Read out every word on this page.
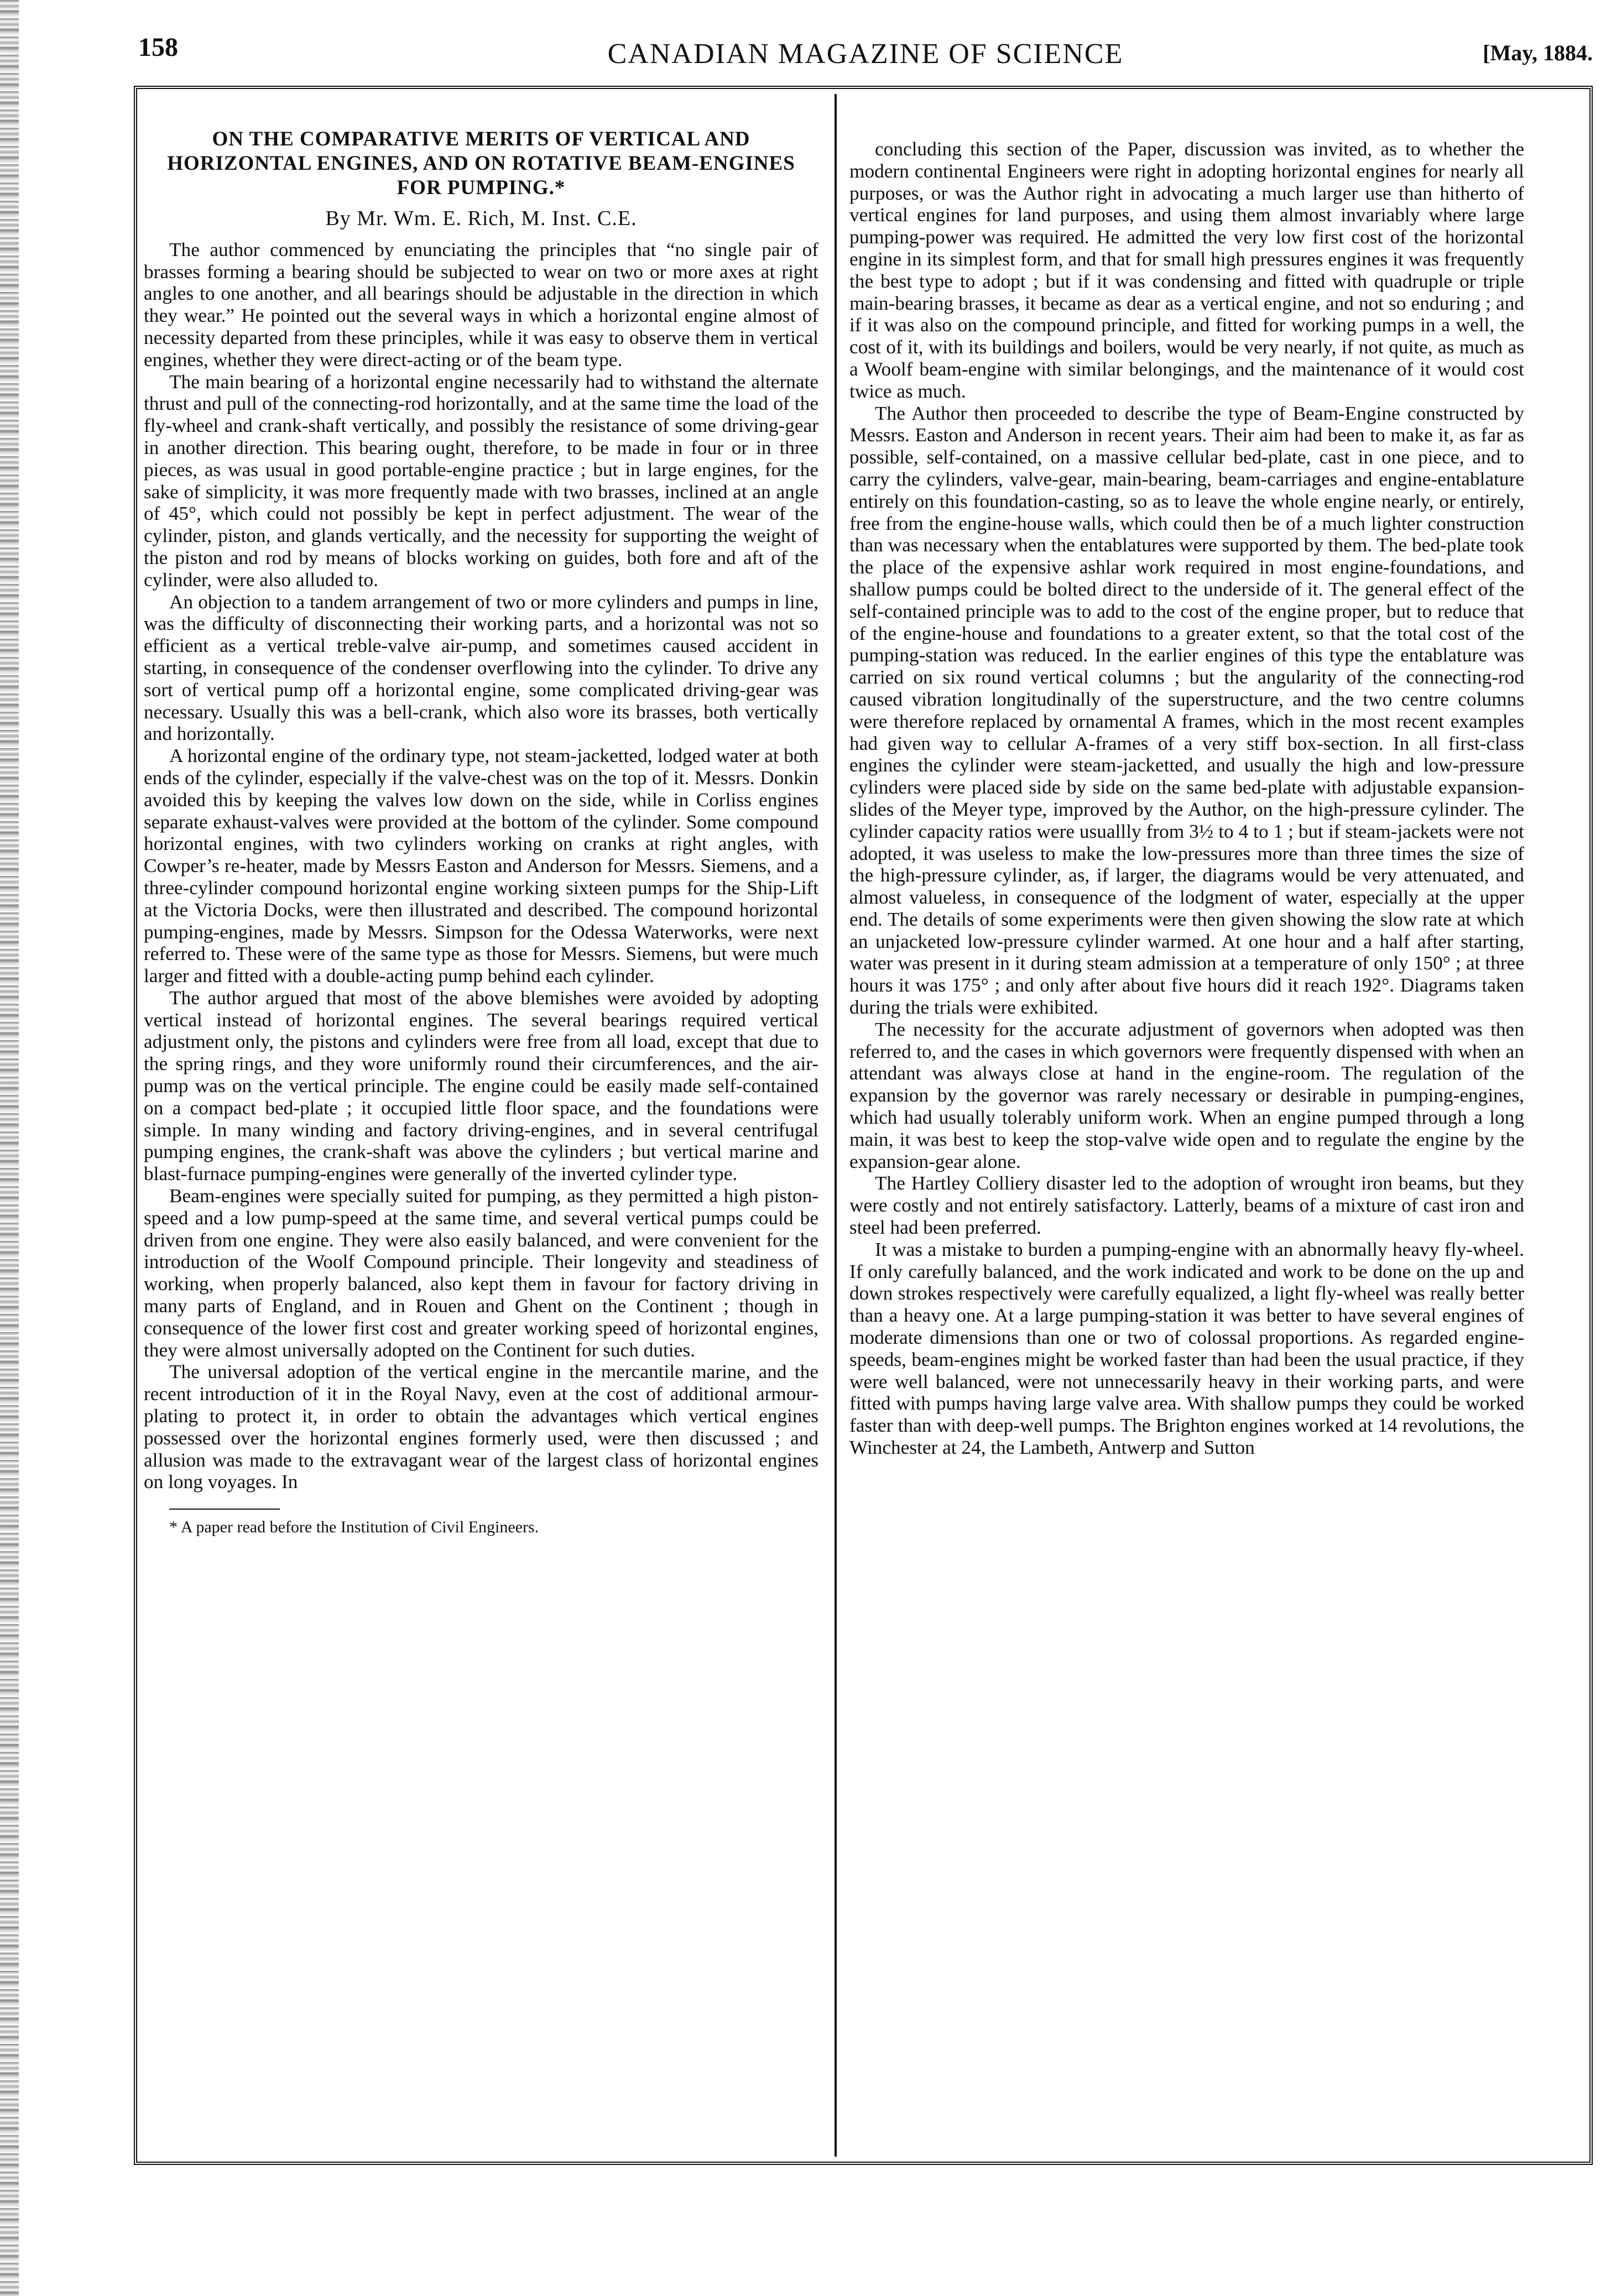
158	CANADIAN MAGAZINE OF SCIENCE	[May, 1884.
ON THE COMPARATIVE MERITS OF VERTICAL AND HORIZONTAL ENGINES, AND ON ROTATIVE BEAM-ENGINES FOR PUMPING.*
By Mr. Wm. E. Rich, M. Inst. C.E.

The author commenced by enunciating the principles that “no single pair of brasses forming a bearing should be subjected to wear on two or more axes at right angles to one another, and all bearings should be adjustable in the direction in which they wear.” He pointed out the several ways in which a horizontal engine almost of necessity departed from these principles, while it was easy to observe them in vertical engines, whether they were direct-acting or of the beam type.

The main bearing of a horizontal engine necessarily had to withstand the alternate thrust and pull of the connecting-rod horizontally, and at the same time the load of the fly-wheel and crank-shaft vertically, and possibly the resistance of some driving-gear in another direction. This bearing ought, therefore, to be made in four or in three pieces, as was usual in good portable-engine practice ; but in large engines, for the sake of simplicity, it was more frequently made with two brasses, inclined at an angle of 45°, which could not possibly be kept in perfect adjustment. The wear of the cylinder, piston, and glands vertically, and the necessity for supporting the weight of the piston and rod by means of blocks working on guides, both fore and aft of the cylinder, were also alluded to.

An objection to a tandem arrangement of two or more cylinders and pumps in line, was the difficulty of disconnecting their working parts, and a horizontal was not so efficient as a vertical treble-valve air-pump, and sometimes caused accident in starting, in consequence of the condenser overflowing into the cylinder. To drive any sort of vertical pump off a horizontal engine, some complicated driving-gear was necessary. Usually this was a bell-crank, which also wore its brasses, both vertically and horizontally.

A horizontal engine of the ordinary type, not steam-jacketted, lodged water at both ends of the cylinder, especially if the valve-chest was on the top of it. Messrs. Donkin avoided this by keeping the valves low down on the side, while in Corliss engines separate exhaust-valves were provided at the bottom of the cylinder. Some compound horizontal engines, with two cylinders working on cranks at right angles, with Cowper’s re-heater, made by Messrs Easton and Anderson for Messrs. Siemens, and a three-cylinder compound horizontal engine working sixteen pumps for the Ship-Lift at the Victoria Docks, were then illustrated and described. The compound horizontal pumping-engines, made by Messrs. Simpson for the Odessa Waterworks, were next referred to. These were of the same type as those for Messrs. Siemens, but were much larger and fitted with a double-acting pump behind each cylinder.

The author argued that most of the above blemishes were avoided by adopting vertical instead of horizontal engines. The several bearings required vertical adjustment only, the pistons and cylinders were free from all load, except that due to the spring rings, and they wore uniformly round their circumferences, and the air-pump was on the vertical principle. The engine could be easily made self-contained on a compact bed-plate ; it occupied little floor space, and the foundations were simple. In many winding and factory driving-engines, and in several centrifugal pumping engines, the crank-shaft was above the cylinders ; but vertical marine and blast-furnace pumping-engines were generally of the inverted cylinder type.

Beam-engines were specially suited for pumping, as they permitted a high piston-speed and a low pump-speed at the same time, and several vertical pumps could be driven from one engine. They were also easily balanced, and were convenient for the introduction of the Woolf Compound principle. Their longevity and steadiness of working, when properly balanced, also kept them in favour for factory driving in many parts of England, and in Rouen and Ghent on the Continent ; though in consequence of the lower first cost and greater working speed of horizontal engines, they were almost universally adopted on the Continent for such duties.

The universal adoption of the vertical engine in the mercantile marine, and the recent introduction of it in the Royal Navy, even at the cost of additional armour-plating to protect it, in order to obtain the advantages which vertical engines possessed over the horizontal engines formerly used, were then discussed ; and allusion was made to the extravagant wear of the largest class of horizontal engines on long voyages. In

* A paper read before the Institution of Civil Engineers.

concluding this section of the Paper, discussion was invited, as to whether the modern continental Engineers were right in adopting horizontal engines for nearly all purposes, or was the Author right in advocating a much larger use than hitherto of vertical engines for land purposes, and using them almost invariably where large pumping-power was required. He admitted the very low first cost of the horizontal engine in its simplest form, and that for small high pressures engines it was frequently the best type to adopt ; but if it was condensing and fitted with quadruple or triple main-bearing brasses, it became as dear as a vertical engine, and not so enduring ; and if it was also on the compound principle, and fitted for working pumps in a well, the cost of it, with its buildings and boilers, would be very nearly, if not quite, as much as a Woolf beam-engine with similar belongings, and the maintenance of it would cost twice as much.

The Author then proceeded to describe the type of Beam-Engine constructed by Messrs. Easton and Anderson in recent years. Their aim had been to make it, as far as possible, self-contained, on a massive cellular bed-plate, cast in one piece, and to carry the cylinders, valve-gear, main-bearing, beam-carriages and engine-entablature entirely on this foundation-casting, so as to leave the whole engine nearly, or entirely, free from the engine-house walls, which could then be of a much lighter construction than was necessary when the entablatures were supported by them. The bed-plate took the place of the expensive ashlar work required in most engine-foundations, and shallow pumps could be bolted direct to the underside of it. The general effect of the self-contained principle was to add to the cost of the engine proper, but to reduce that of the engine-house and foundations to a greater extent, so that the total cost of the pumping-station was reduced. In the earlier engines of this type the entablature was carried on six round vertical columns ; but the angularity of the connecting-rod caused vibration longitudinally of the superstructure, and the two centre columns were therefore replaced by ornamental A frames, which in the most recent examples had given way to cellular A-frames of a very stiff box-section. In all first-class engines the cylinder were steam-jacketted, and usually the high and low-pressure cylinders were placed side by side on the same bed-plate with adjustable expansion-slides of the Meyer type, improved by the Author, on the high-pressure cylinder. The cylinder capacity ratios were usuallly from 3½ to 4 to 1 ; but if steam-jackets were not adopted, it was useless to make the low-pressures more than three times the size of the high-pressure cylinder, as, if larger, the diagrams would be very attenuated, and almost valueless, in consequence of the lodgment of water, especially at the upper end. The details of some experiments were then given showing the slow rate at which an unjacketed low-pressure cylinder warmed. At one hour and a half after starting, water was present in it during steam admission at a temperature of only 150° ; at three hours it was 175° ; and only after about five hours did it reach 192°. Diagrams taken during the trials were exhibited.

The necessity for the accurate adjustment of governors when adopted was then referred to, and the cases in which governors were frequently dispensed with when an attendant was always close at hand in the engine-room. The regulation of the expansion by the governor was rarely necessary or desirable in pumping-engines, which had usually tolerably uniform work. When an engine pumped through a long main, it was best to keep the stop-valve wide open and to regulate the engine by the expansion-gear alone.

The Hartley Colliery disaster led to the adoption of wrought iron beams, but they were costly and not entirely satisfactory. Latterly, beams of a mixture of cast iron and steel had been preferred.

It was a mistake to burden a pumping-engine with an abnormally heavy fly-wheel. If only carefully balanced, and the work indicated and work to be done on the up and down strokes respectively were carefully equalized, a light fly-wheel was really better than a heavy one. At a large pumping-station it was better to have several engines of moderate dimensions than one or two of colossal proportions. As regarded engine-speeds, beam-engines might be worked faster than had been the usual practice, if they were well balanced, were not unnecessarily heavy in their working parts, and were fitted with pumps having large valve area. With shallow pumps they could be worked faster than with deep-well pumps. The Brighton engines worked at 14 revolutions, the Winchester at 24, the Lambeth, Antwerp and Sutton
